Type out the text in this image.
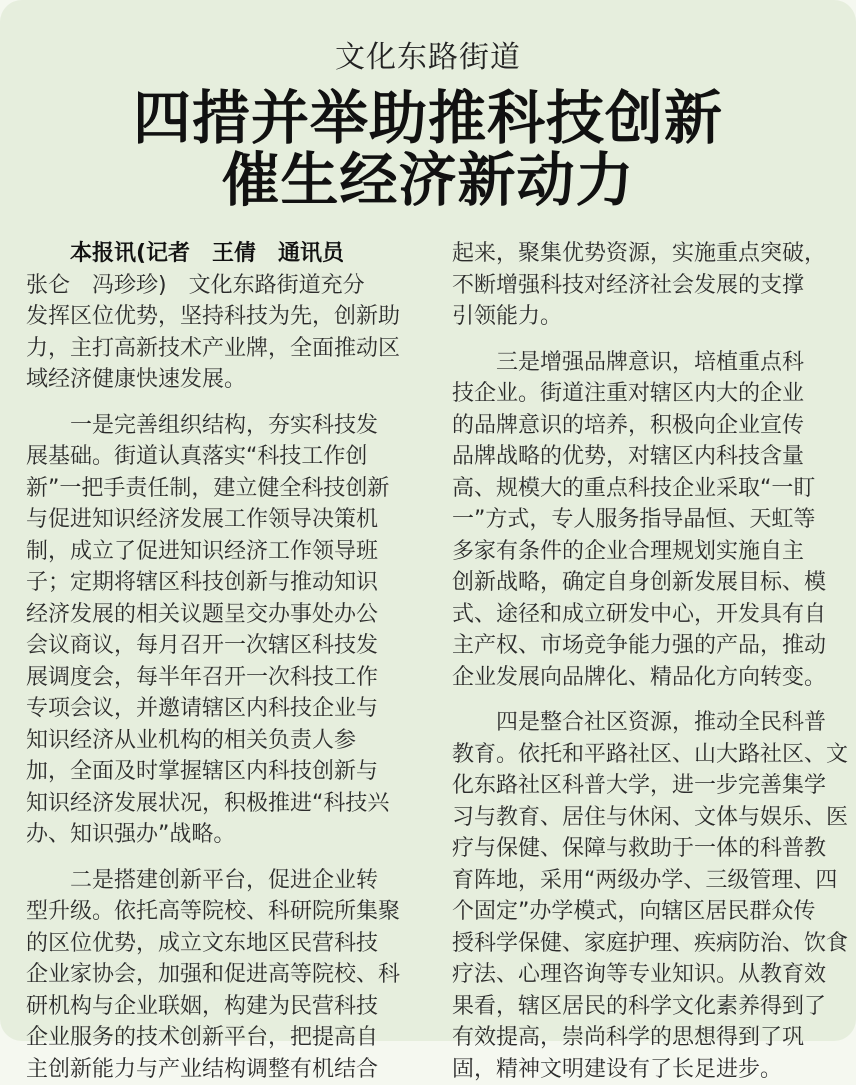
文化东路街道
四措并举助推科技创新
催生经济新动力
　　本报讯(记者　王倩　通讯员
张仑　冯珍珍)　文化东路街道充分
发挥区位优势，坚持科技为先，创新助
力，主打高新技术产业牌，全面推动区
域经济健康快速发展。
　　一是完善组织结构，夯实科技发
展基础。街道认真落实“科技工作创
新”一把手责任制，建立健全科技创新
与促进知识经济发展工作领导决策机
制，成立了促进知识经济工作领导班
子；定期将辖区科技创新与推动知识
经济发展的相关议题呈交办事处办公
会议商议，每月召开一次辖区科技发
展调度会，每半年召开一次科技工作
专项会议，并邀请辖区内科技企业与
知识经济从业机构的相关负责人参
加，全面及时掌握辖区内科技创新与
知识经济发展状况，积极推进“科技兴
办、知识强办”战略。
　　二是搭建创新平台，促进企业转
型升级。依托高等院校、科研院所集聚
的区位优势，成立文东地区民营科技
企业家协会，加强和促进高等院校、科
研机构与企业联姻，构建为民营科技
企业服务的技术创新平台，把提高自
主创新能力与产业结构调整有机结合
起来，聚集优势资源，实施重点突破，
不断增强科技对经济社会发展的支撑
引领能力。
　　三是增强品牌意识，培植重点科
技企业。街道注重对辖区内大的企业
的品牌意识的培养，积极向企业宣传
品牌战略的优势，对辖区内科技含量
高、规模大的重点科技企业采取“一盯
一”方式，专人服务指导晶恒、天虹等
多家有条件的企业合理规划实施自主
创新战略，确定自身创新发展目标、模
式、途径和成立研发中心，开发具有自
主产权、市场竞争能力强的产品，推动
企业发展向品牌化、精品化方向转变。
　　四是整合社区资源，推动全民科普
教育。依托和平路社区、山大路社区、文
化东路社区科普大学，进一步完善集学
习与教育、居住与休闲、文体与娱乐、医
疗与保健、保障与救助于一体的科普教
育阵地，采用“两级办学、三级管理、四
个固定”办学模式，向辖区居民群众传
授科学保健、家庭护理、疾病防治、饮食
疗法、心理咨询等专业知识。从教育效
果看，辖区居民的科学文化素养得到了
有效提高，崇尚科学的思想得到了巩
固，精神文明建设有了长足进步。
